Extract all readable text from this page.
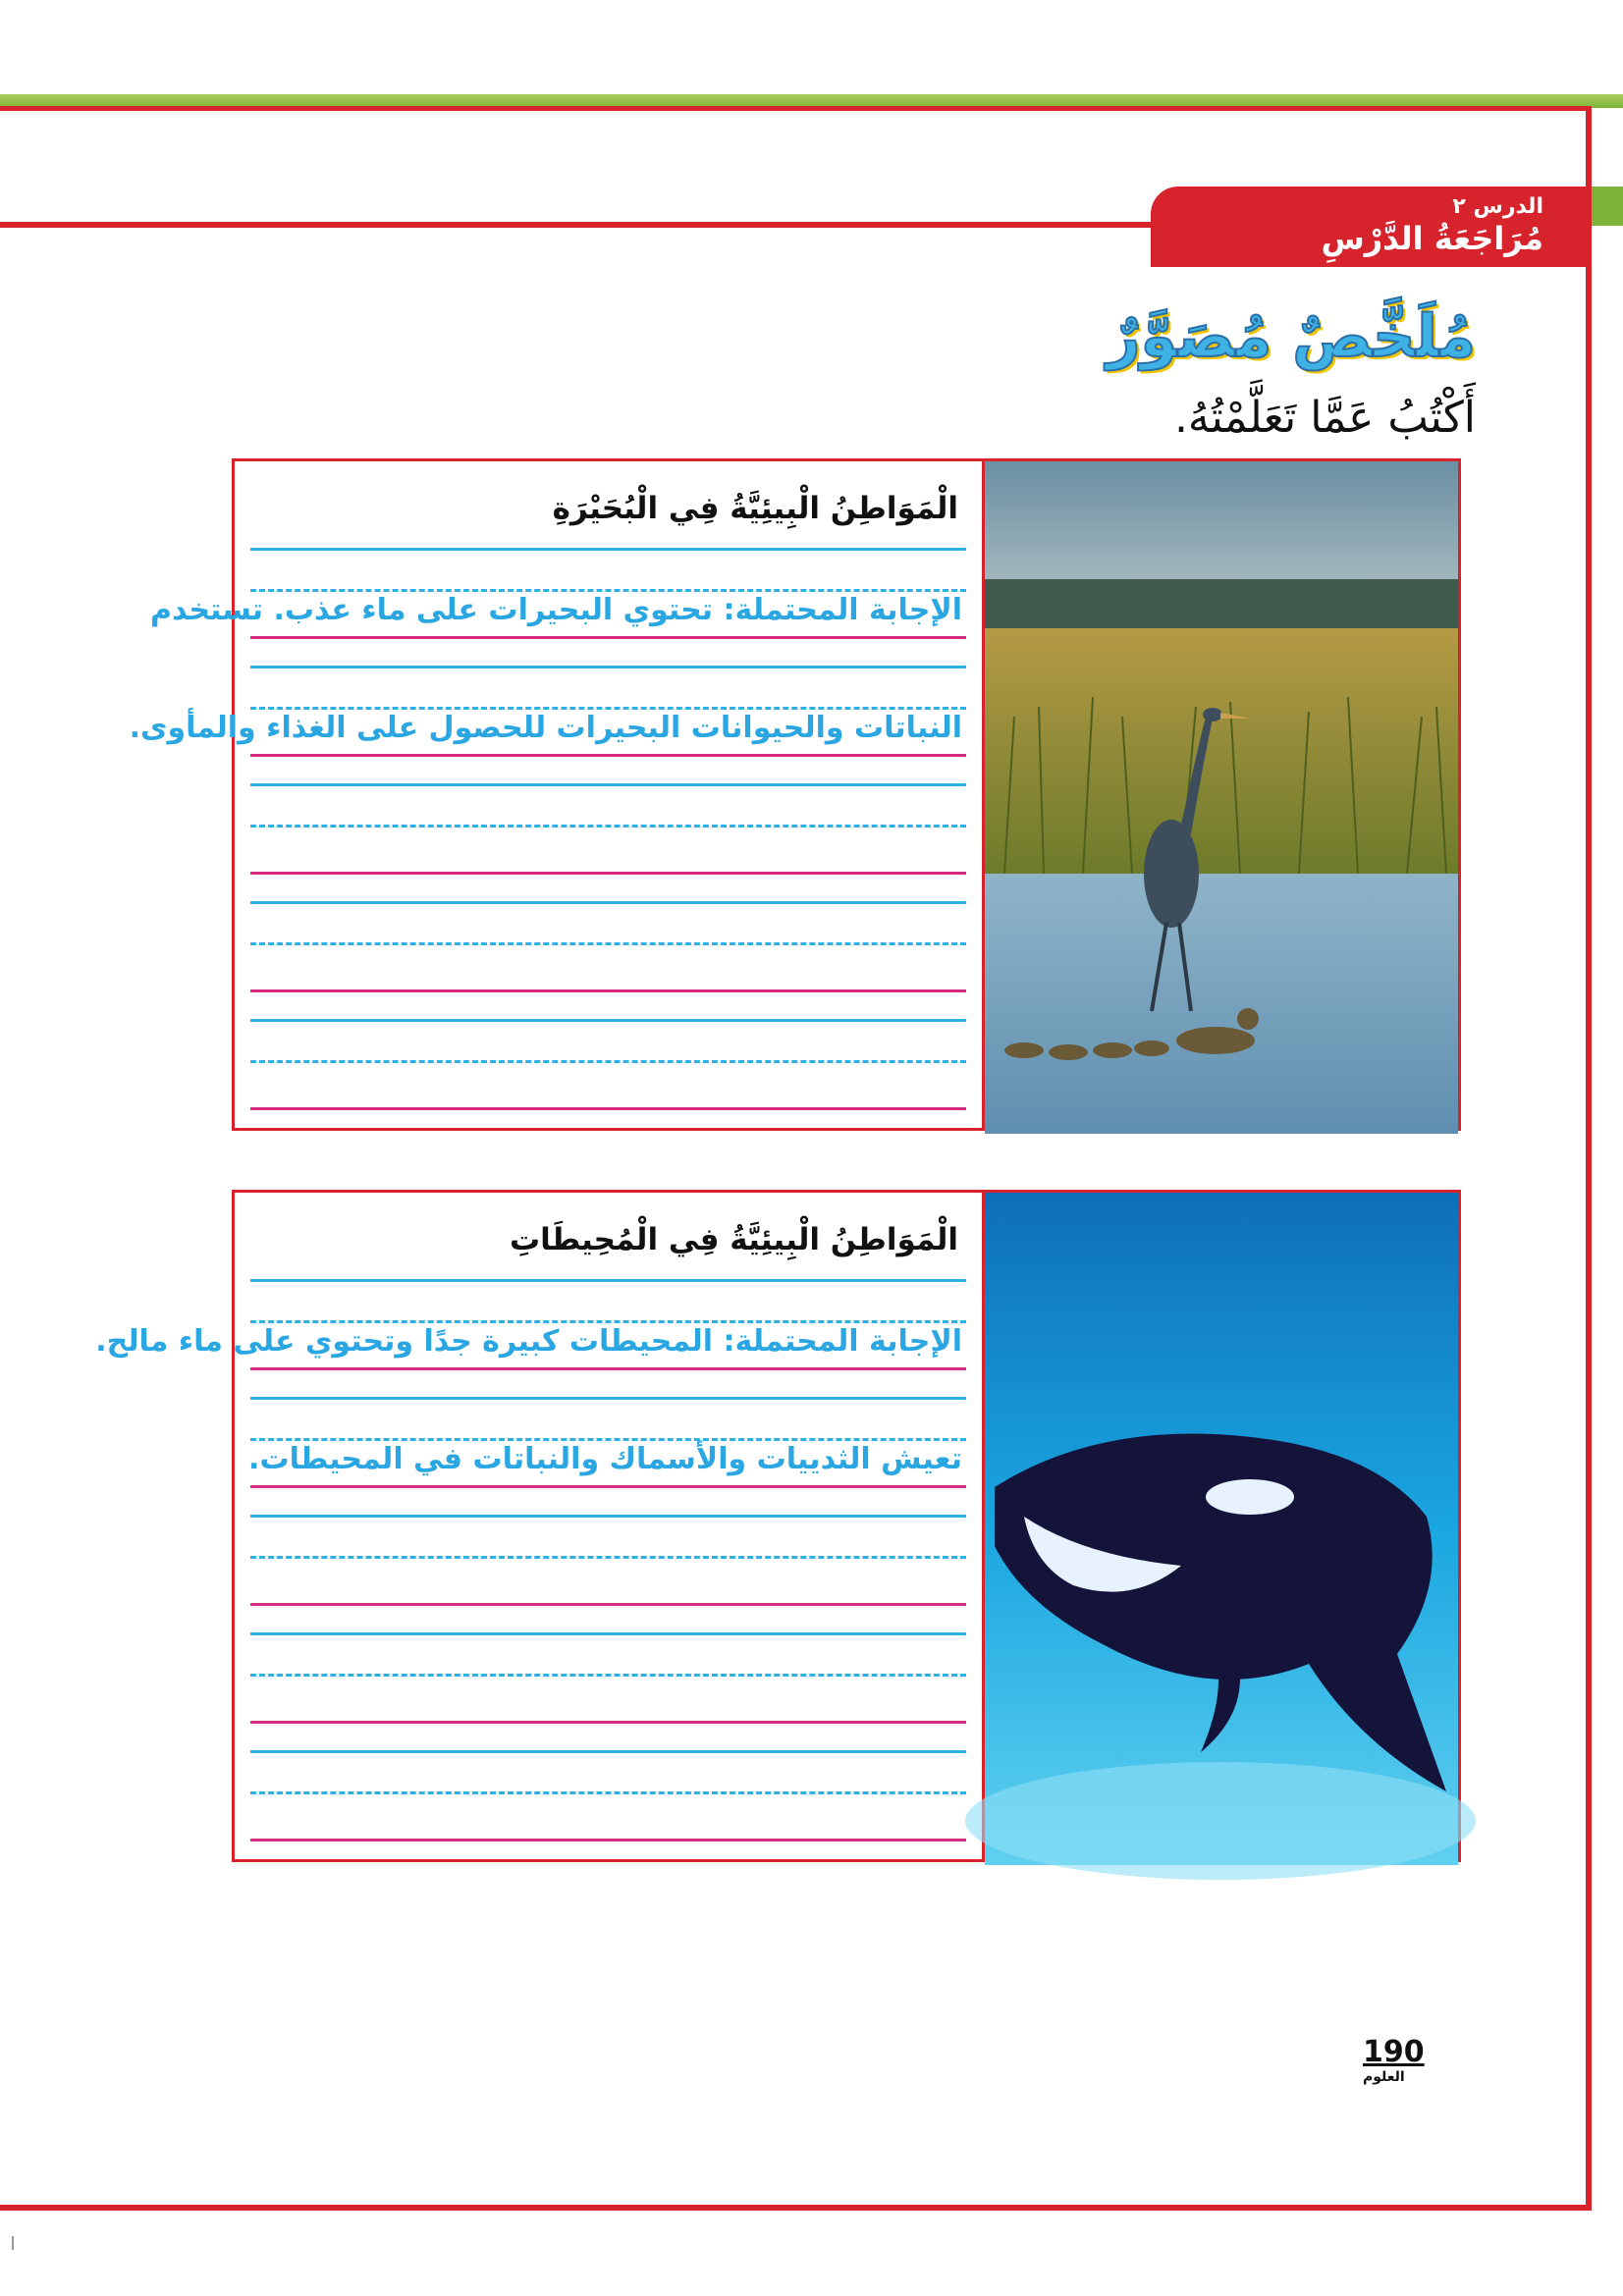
الدرس ٢
مُرَاجَعَةُ الدَّرْسِ
مُلَخَّصٌ مُصَوَّرٌ
أَكْتُبُ عَمَّا تَعَلَّمْتُهُ.
الْمَوَاطِنُ الْبِيئِيَّةُ فِي الْبُحَيْرَةِ
الإجابة المحتملة: تحتوي البحيرات على ماء عذب. تستخدم
النباتات والحيوانات البحيرات للحصول على الغذاء والمأوى.
الْمَوَاطِنُ الْبِيئِيَّةُ فِي الْمُحِيطَاتِ
الإجابة المحتملة: المحيطات كبيرة جدًا وتحتوي على ماء مالح.
تعيش الثدييات والأسماك والنباتات في المحيطات.
190
العلوم
